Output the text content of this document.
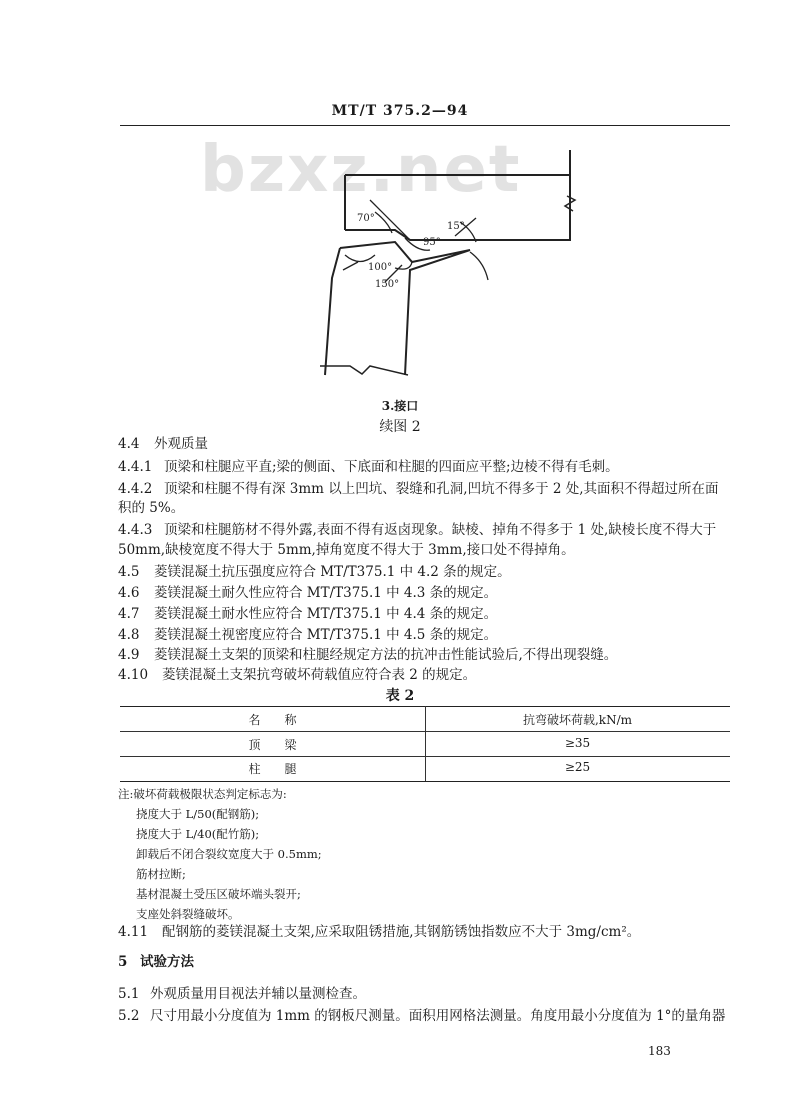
MT/T 375.2—94
bzxz.net
70°
15°
95°
100°
150°
3.接口
续图 2
4.4 外观质量
4.4.1 顶梁和柱腿应平直;梁的侧面、下底面和柱腿的四面应平整;边棱不得有毛刺。
4.4.2 顶梁和柱腿不得有深 3mm 以上凹坑、裂缝和孔洞,凹坑不得多于 2 处,其面积不得超过所在面
积的 5%。
4.4.3 顶梁和柱腿筋材不得外露,表面不得有返卤现象。缺棱、掉角不得多于 1 处,缺棱长度不得大于
50mm,缺棱宽度不得大于 5mm,掉角宽度不得大于 3mm,接口处不得掉角。
4.5 菱镁混凝土抗压强度应符合 MT/T375.1 中 4.2 条的规定。
4.6 菱镁混凝土耐久性应符合 MT/T375.1 中 4.3 条的规定。
4.7 菱镁混凝土耐水性应符合 MT/T375.1 中 4.4 条的规定。
4.8 菱镁混凝土视密度应符合 MT/T375.1 中 4.5 条的规定。
4.9 菱镁混凝土支架的顶梁和柱腿经规定方法的抗冲击性能试验后,不得出现裂缝。
4.10 菱镁混凝土支架抗弯破坏荷载值应符合表 2 的规定。
表 2
名　　称	抗弯破坏荷载,kN/m
顶　　梁	≥35
柱　　腿	≥25
注:破坏荷载极限状态判定标志为:
挠度大于 L/50(配钢筋);
挠度大于 L/40(配竹筋);
卸载后不闭合裂纹宽度大于 0.5mm;
筋材拉断;
基材混凝土受压区破坏端头裂开;
支座处斜裂缝破坏。
4.11 配钢筋的菱镁混凝土支架,应采取阻锈措施,其钢筋锈蚀指数应不大于 3mg/cm²。
5 试验方法
5.1 外观质量用目视法并辅以量测检查。
5.2 尺寸用最小分度值为 1mm 的钢板尺测量。面积用网格法测量。角度用最小分度值为 1°的量角器
183
